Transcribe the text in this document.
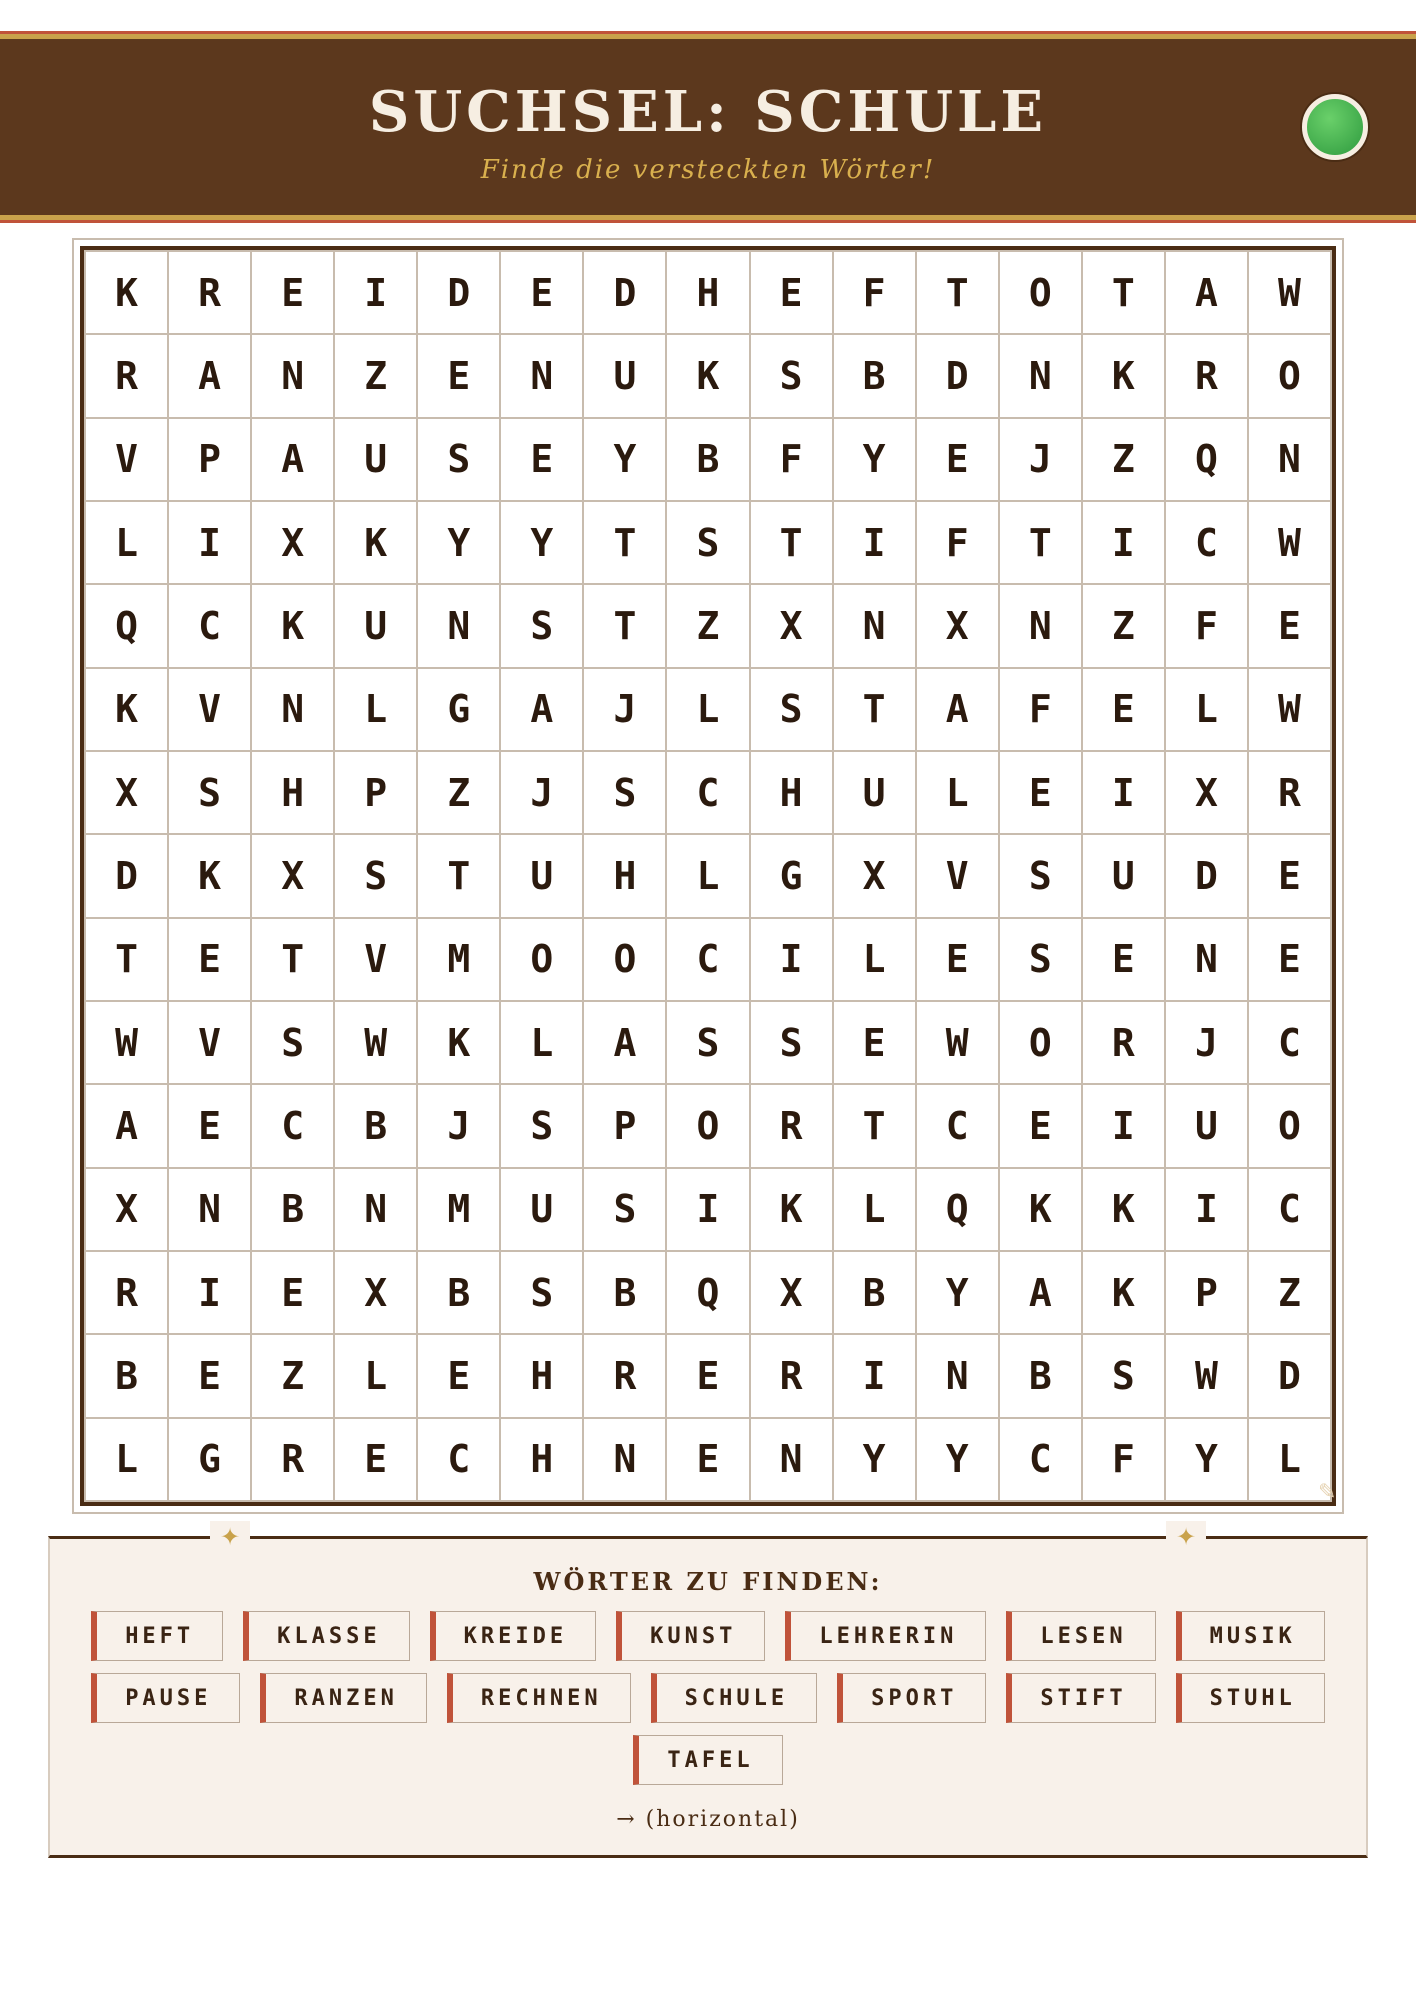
SUCHSEL: SCHULE
Finde die versteckten Wörter!
K	R	E	I	D	E	D	H	E	F	T	O	T	A	W
R	A	N	Z	E	N	U	K	S	B	D	N	K	R	O
V	P	A	U	S	E	Y	B	F	Y	E	J	Z	Q	N
L	I	X	K	Y	Y	T	S	T	I	F	T	I	C	W
Q	C	K	U	N	S	T	Z	X	N	X	N	Z	F	E
K	V	N	L	G	A	J	L	S	T	A	F	E	L	W
X	S	H	P	Z	J	S	C	H	U	L	E	I	X	R
D	K	X	S	T	U	H	L	G	X	V	S	U	D	E
T	E	T	V	M	O	O	C	I	L	E	S	E	N	E
W	V	S	W	K	L	A	S	S	E	W	O	R	J	C
A	E	C	B	J	S	P	O	R	T	C	E	I	U	O
X	N	B	N	M	U	S	I	K	L	Q	K	K	I	C
R	I	E	X	B	S	B	Q	X	B	Y	A	K	P	Z
B	E	Z	L	E	H	R	E	R	I	N	B	S	W	D
L	G	R	E	C	H	N	E	N	Y	Y	C	F	Y	L
✎
✦	✦
WÖRTER ZU FINDEN:
HEFT	KLASSE	KREIDE	KUNST	LEHRERIN	LESEN	MUSIK
PAUSE	RANZEN	RECHNEN	SCHULE	SPORT	STIFT	STUHL
TAFEL
→ (horizontal)
